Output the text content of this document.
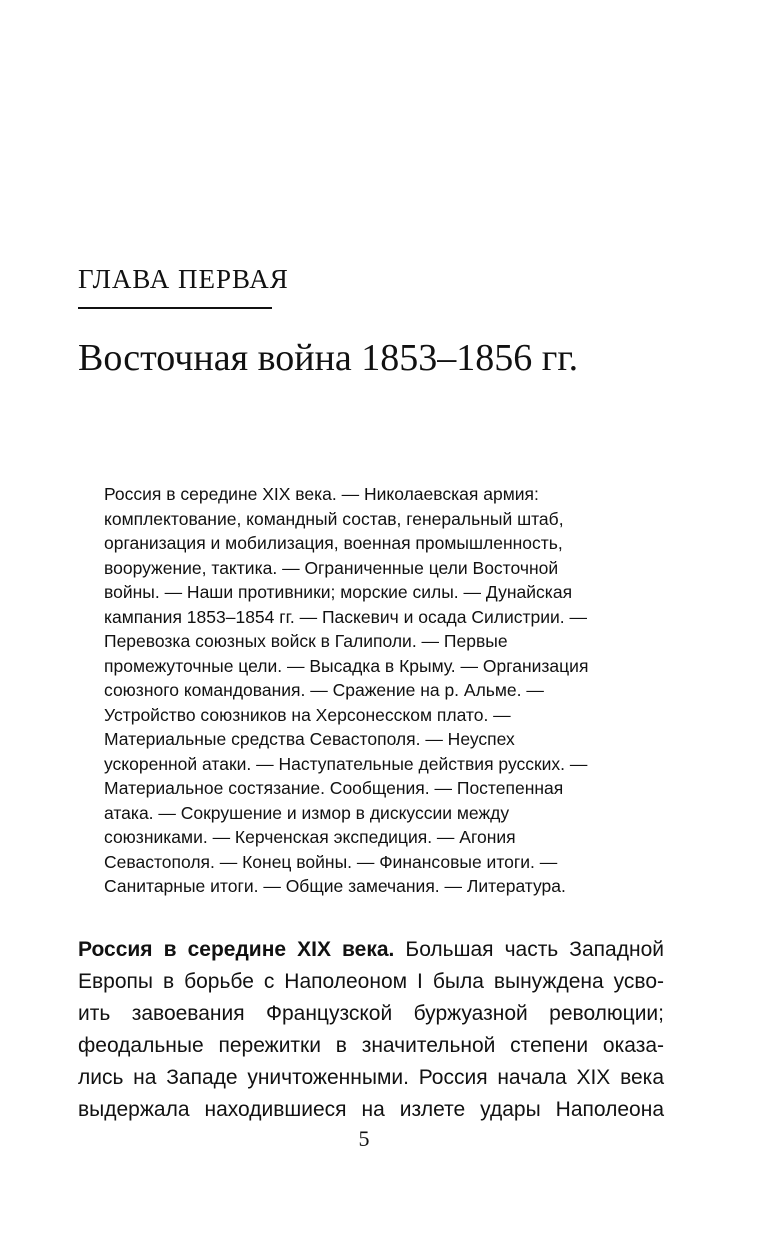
ГЛАВА ПЕРВАЯ
Восточная война 1853–1856 гг.
Россия в середине XIX века. — Николаевская армия:
комплектование, командный состав, генеральный штаб,
организация и мобилизация, военная промышленность,
вооружение, тактика. — Ограниченные цели Восточной
войны. — Наши противники; морские силы. — Дунайская
кампания 1853–1854 гг. — Паскевич и осада Силистрии. —
Перевозка союзных войск в Галиполи. — Первые
промежуточные цели. — Высадка в Крыму. — Организация
союзного командования. — Сражение на р. Альме. —
Устройство союзников на Херсонесском плато. —
Материальные средства Севастополя. — Неуспех
ускоренной атаки. — Наступательные действия русских. —
Материальное состязание. Сообщения. — Постепенная
атака. — Сокрушение и измор в дискуссии между
союзниками. — Керченская экспедиция. — Агония
Севастополя. — Конец войны. — Финансовые итоги. —
Санитарные итоги. — Общие замечания. — Литература.
Россия в середине XIX века. Большая часть Западной
Европы в борьбе с Наполеоном I была вынуждена усво-
ить завоевания Французской буржуазной революции;
феодальные пережитки в значительной степени оказа-
лись на Западе уничтоженными. Россия начала XIX века
выдержала находившиеся на излете удары Наполеона
5
